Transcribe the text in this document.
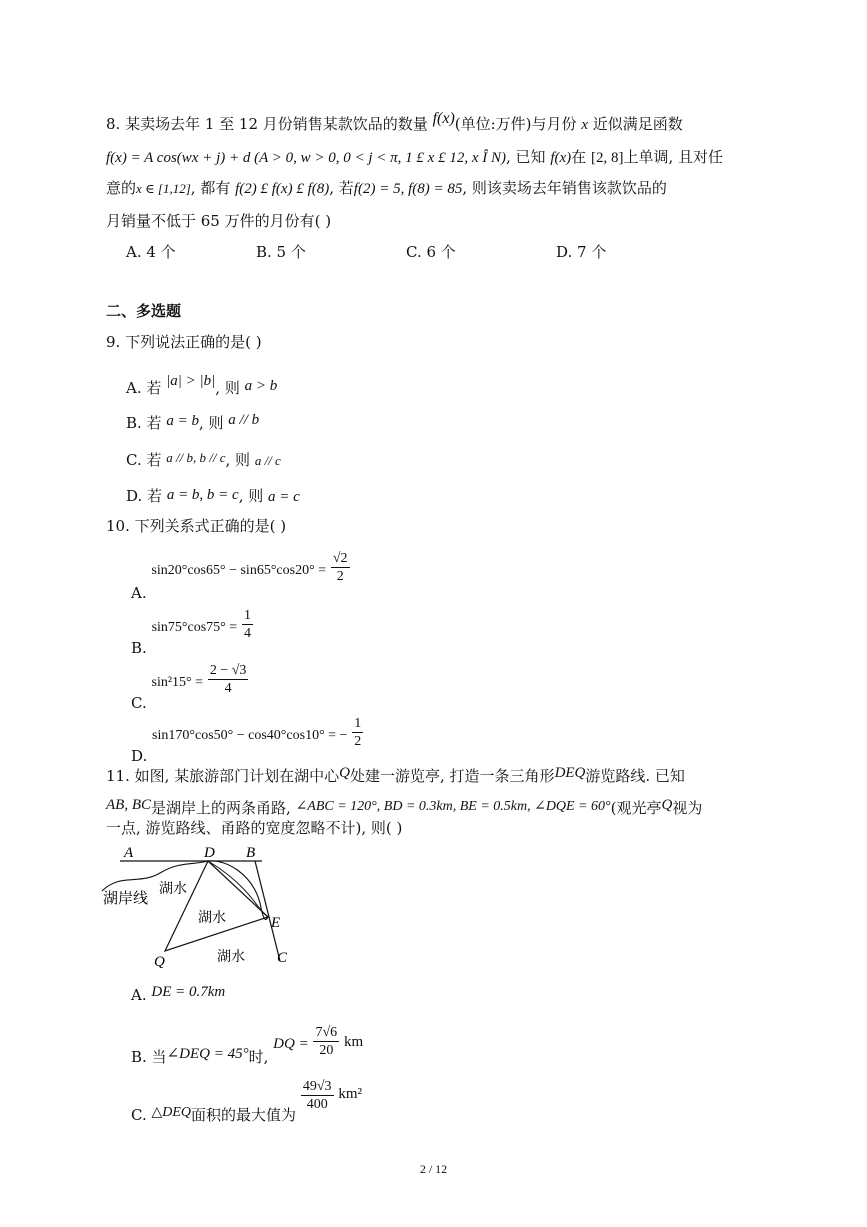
8. 某卖场去年 1 至 12 月份销售某款饮品的数量 f(x)(单位:万件)与月份 x 近似满足函数
f(x) = A cos(wx + j) + d (A > 0, w > 0, 0 < j < π, 1 £ x £ 12, x Î N), 已知 f(x)在 [2, 8]上单调, 且对任
意的x ∈ [1,12], 都有 f(2) £ f(x) £ f(8), 若f(2) = 5, f(8) = 85, 则该卖场去年销售该款饮品的
月销量不低于 65 万件的月份有( )
A. 4 个	B. 5 个	C. 6 个	D. 7 个
二、多选题
9. 下列说法正确的是( )
A. 若 |a| > |b|, 则 a > b
B. 若 a = b, 则 a // b
C. 若 a // b, b // c, 则 a // c
D. 若 a = b, b = c, 则 a = c
10. 下列关系式正确的是( )
A. $\sin 20^\circ\cos 65^\circ - \sin 65^\circ\cos 20^\circ = \frac{√2}{2}$
B. $\sin 75^\circ\cos 75^\circ = \frac{1}{4}$
C. $\sin^215^\circ = \frac{2 - √3}{4}$
D. sin170°cos50° − cos40°cos10° = − $\frac{1}{2}$
11. 如图, 某旅游部门计划在湖中心Q处建一游览亭, 打造一条三角形DEQ游览路线. 已知
AB, BC是湖岸上的两条甬路, ∠ABC = 120°, BD = 0.3km, BE = 0.5km, ∠DQE = 60°(观光亭Q视为
一点, 游览路线、甬路的宽度忽略不计), 则( )
A	D B
E
C
Q
湖岸线
湖水
湖水
湖水
A. DE = 0.7km
B. 当∠DEQ = 45°时, DQ = $\frac{7√6}{20}$ km
C. △DEQ面积的最大值为
$\frac{49√3}{400} km^2$
2 / 12
